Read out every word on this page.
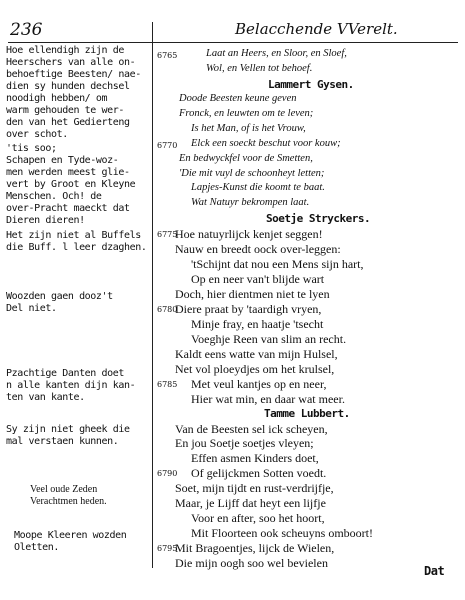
236	Belacchende VVerelt.
Hoe ellendigh zijn de
Heerschers van alle on-
behoeftige Beesten/ nae-
dien sy hunden dechsel
noodigh hebben/ om
warm gehouden te wer-
den van het Gedierteng
over schot.
'tis soo;
Schapen en Tyde-woz-
men werden meest glie-
vert by Groot en Kleyne
Menschen. Och! de
over-Pracht maeckt dat
Dieren dieren!
Het zijn niet al Buffels
die Buff. l leer dzaghen.
Woozden gaen dooz't
Del niet.
Pzachtige Danten doet
n alle kanten dijn kan-
ten van kante.
Sy zijn niet gheek die
mal verstaen kunnen.
Veel oude Zeden
Verachtmen heden.
Moope Kleeren wozden
Oletten.
6765
6770
6775
6780
6785
6790
6795
Laat an Heers, en Sloor, en Sloef,
Wol, en Vellen tot behoef.
Lammert Gysen.
Doode Beesten keune geven
Fronck, en leuwten om te leven;
Is het Man, of is het Vrouw,
Elck een soeckt beschut voor kouw;
En bedwyckfel voor de Smetten,
'Die mit vuyl de schoonheyt letten;
Lapjes-Kunst die koomt te baat.
Wat Natuyr bekrompen laat.
Soetje Stryckers.
Hoe natuyrlijck kenjet seggen!
Nauw en breedt oock over-leggen:
'tSchijnt dat nou een Mens sijn hart,
Op en neer van't blijde wart
Doch, hier dientmen niet te lyen
Diere praat by 'taardigh vryen,
Minje fray, en haatje 'tsecht
Voeghje Reen van slim an recht.
Kaldt eens watte van mijn Hulsel,
Net vol ploeydjes om het krulsel,
Met veul kantjes op en neer,
Hier wat min, en daar wat meer.
Tamme Lubbert.
Van de Beesten sel ick scheyen,
En jou Soetje soetjes vleyen;
Effen asmen Kinders doet,
Of gelijckmen Sotten voedt.
Soet, mijn tijdt en rust-verdrijfje,
Maar, je Lijff dat heyt een lijfje
Voor en after, soo het hoort,
Mit Floorteen ook scheuyns omboort!
Mit Bragoentjes, lijck de Wielen,
Die mijn oogh soo wel bevielen
Dat
